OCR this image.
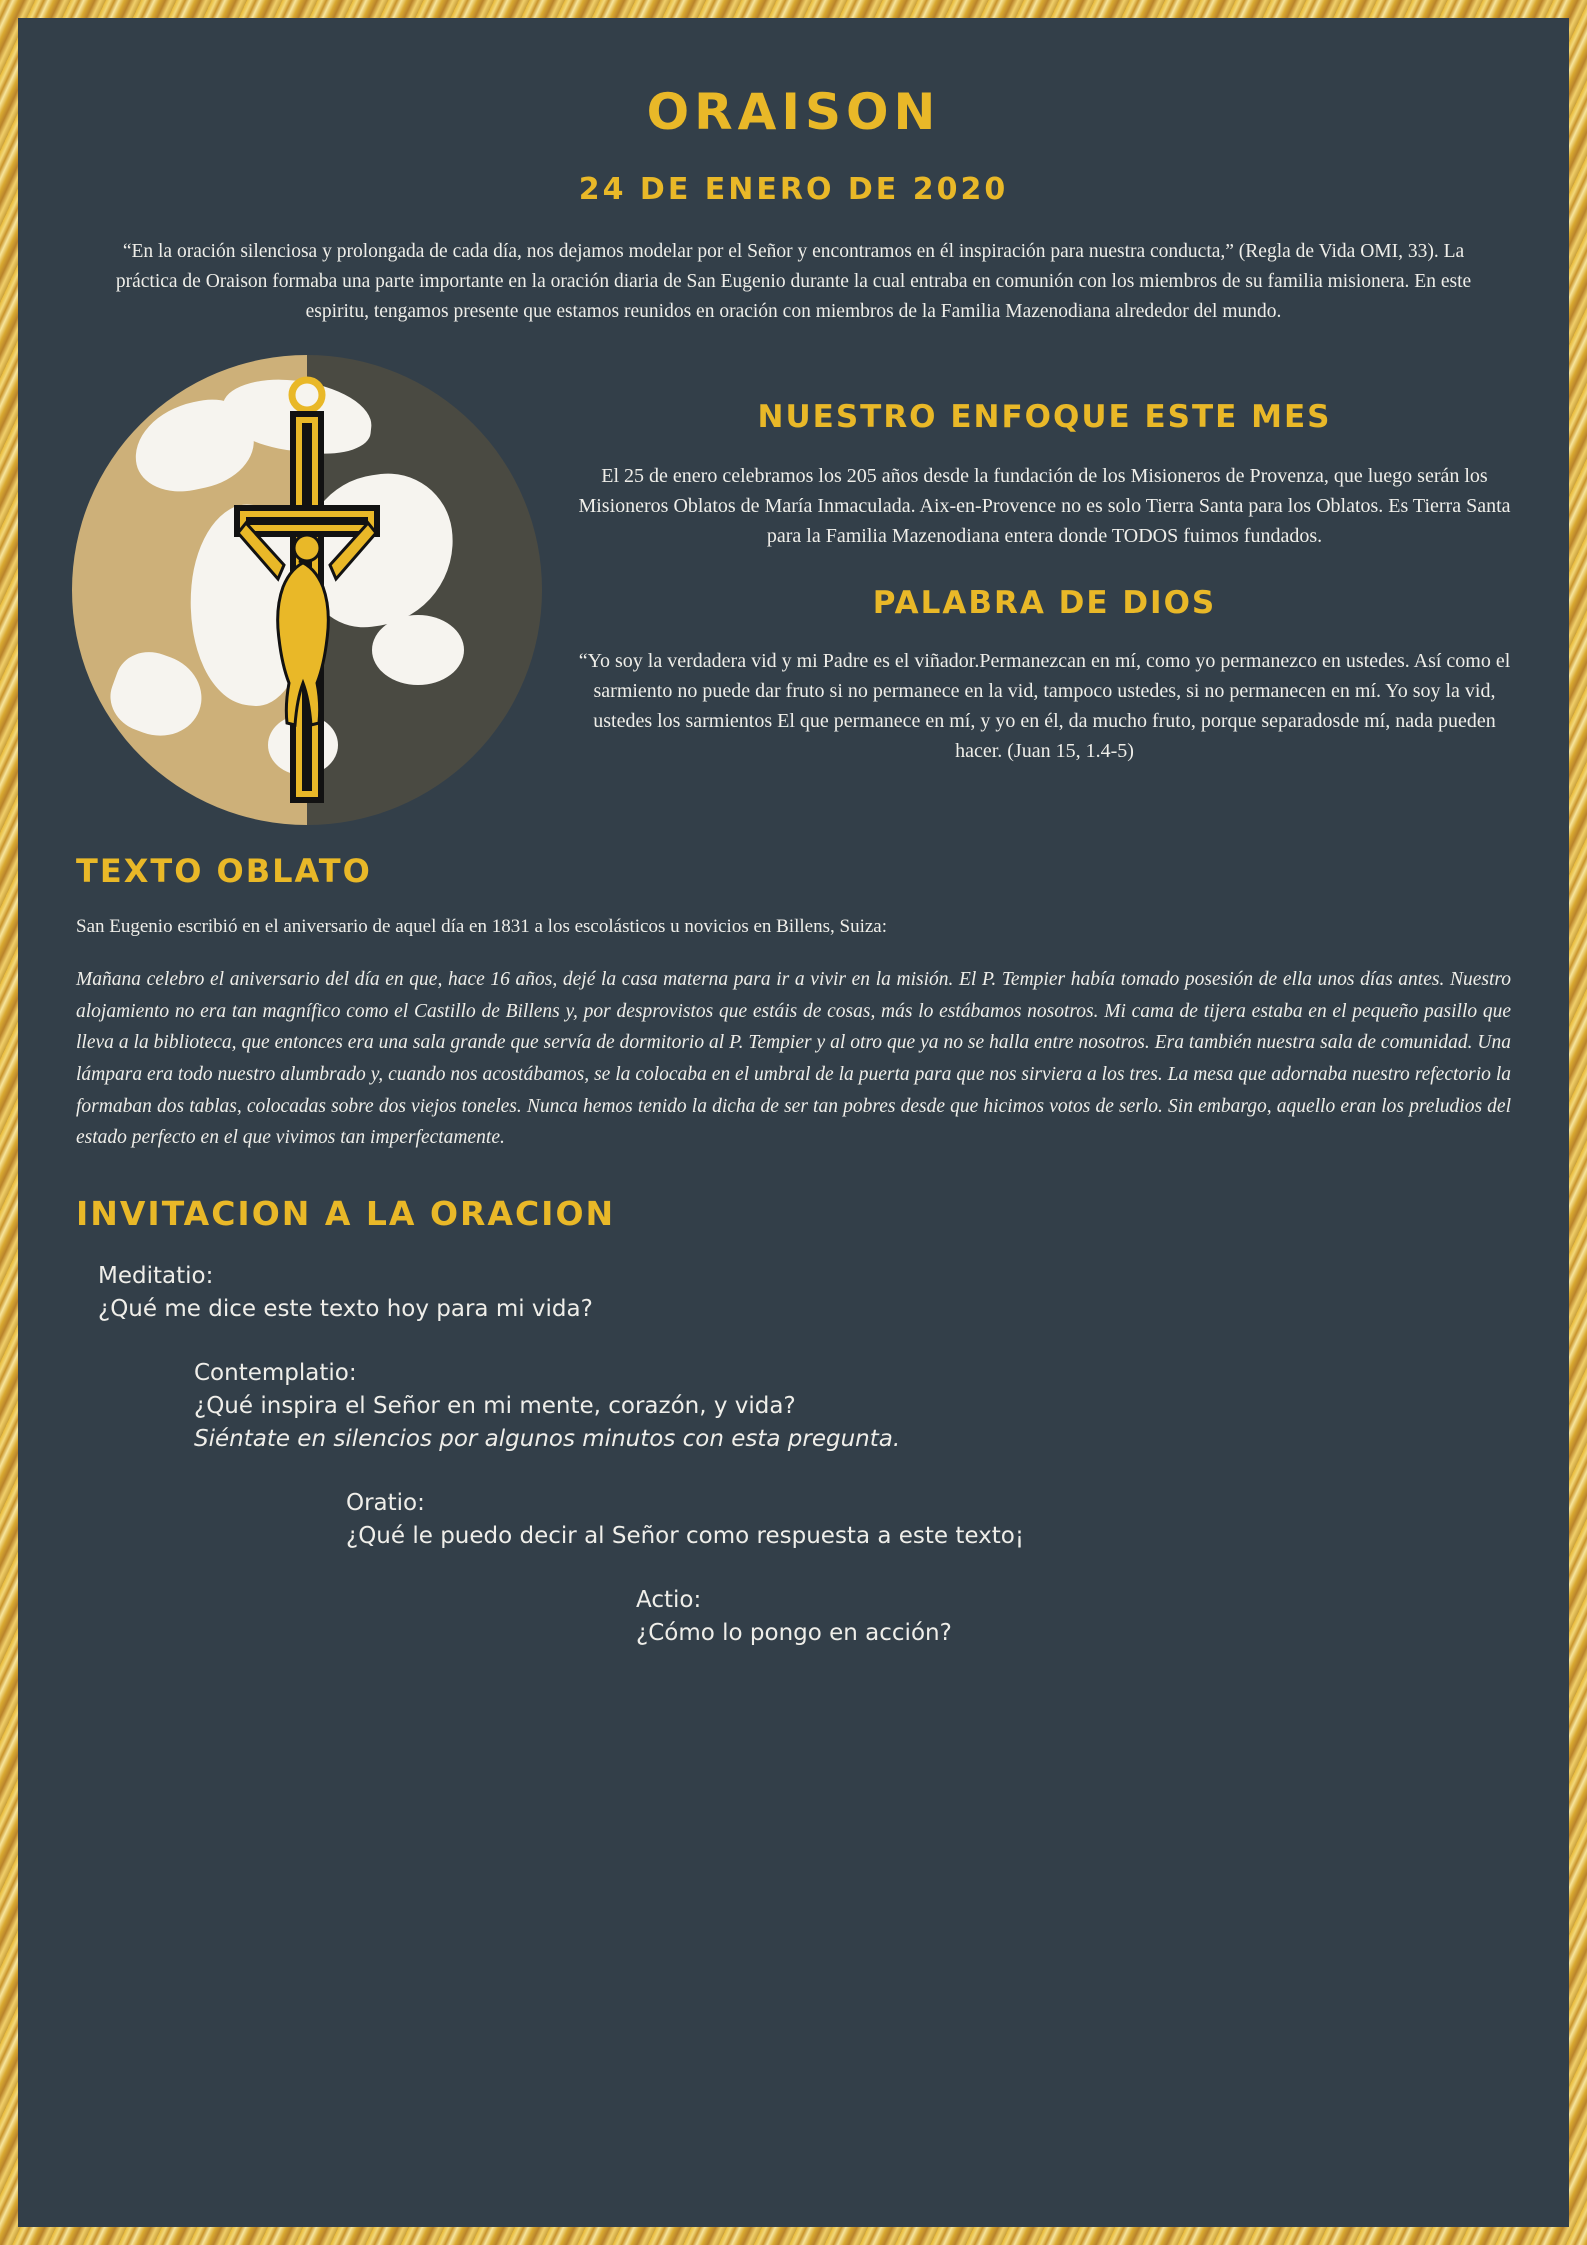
ORAISON
24 DE ENERO DE 2020

“En la oración silenciosa y prolongada de cada día, nos dejamos modelar por el Señor y encontramos en él inspiración para nuestra conducta,” (Regla de Vida OMI, 33). La práctica de Oraison formaba una parte importante en la oración diaria de San Eugenio durante la cual entraba en comunión con los miembros de su familia misionera. En este espiritu, tengamos presente que estamos reunidos en oración con miembros de la Familia Mazenodiana alrededor del mundo.

NUESTRO ENFOQUE ESTE MES

El 25 de enero celebramos los 205 años desde la fundación de los Misioneros de Provenza, que luego serán los Misioneros Oblatos de María Inmaculada. Aix-en-Provence no es solo Tierra Santa para los Oblatos. Es Tierra Santa para la Familia Mazenodiana entera donde TODOS fuimos fundados.

PALABRA DE DIOS

“Yo soy la verdadera vid y mi Padre es el viñador.Permanezcan en mí, como yo permanezco en ustedes. Así como el sarmiento no puede dar fruto si no permanece en la vid, tampoco ustedes, si no permanecen en mí. Yo soy la vid, ustedes los sarmientos El que permanece en mí, y yo en él, da mucho fruto, porque separadosde mí, nada pueden hacer. (Juan 15, 1.4-5)

TEXTO OBLATO

San Eugenio escribió en el aniversario de aquel día en 1831 a los escolásticos u novicios en Billens, Suiza:

Mañana celebro el aniversario del día en que, hace 16 años, dejé la casa materna para ir a vivir en la misión. El P. Tempier había tomado posesión de ella unos días antes. Nuestro alojamiento no era tan magnífico como el Castillo de Billens y, por desprovistos que estáis de cosas, más lo estábamos nosotros. Mi cama de tijera estaba en el pequeño pasillo que lleva a la biblioteca, que entonces era una sala grande que servía de dormitorio al P. Tempier y al otro que ya no se halla entre nosotros. Era también nuestra sala de comunidad. Una lámpara era todo nuestro alumbrado y, cuando nos acostábamos, se la colocaba en el umbral de la puerta para que nos sirviera a los tres. La mesa que adornaba nuestro refectorio la formaban dos tablas, colocadas sobre dos viejos toneles. Nunca hemos tenido la dicha de ser tan pobres desde que hicimos votos de serlo. Sin embargo, aquello eran los preludios del estado perfecto en el que vivimos tan imperfectamente.

INVITACION A LA ORACION
Meditatio:
¿Qué me dice este texto hoy para mi vida?
Contemplatio:
¿Qué inspira el Señor en mi mente, corazón, y vida?
Siéntate en silencios por algunos minutos con esta pregunta.
Oratio:
¿Qué le puedo decir al Señor como respuesta a este texto¡
Actio:
¿Cómo lo pongo en acción?
